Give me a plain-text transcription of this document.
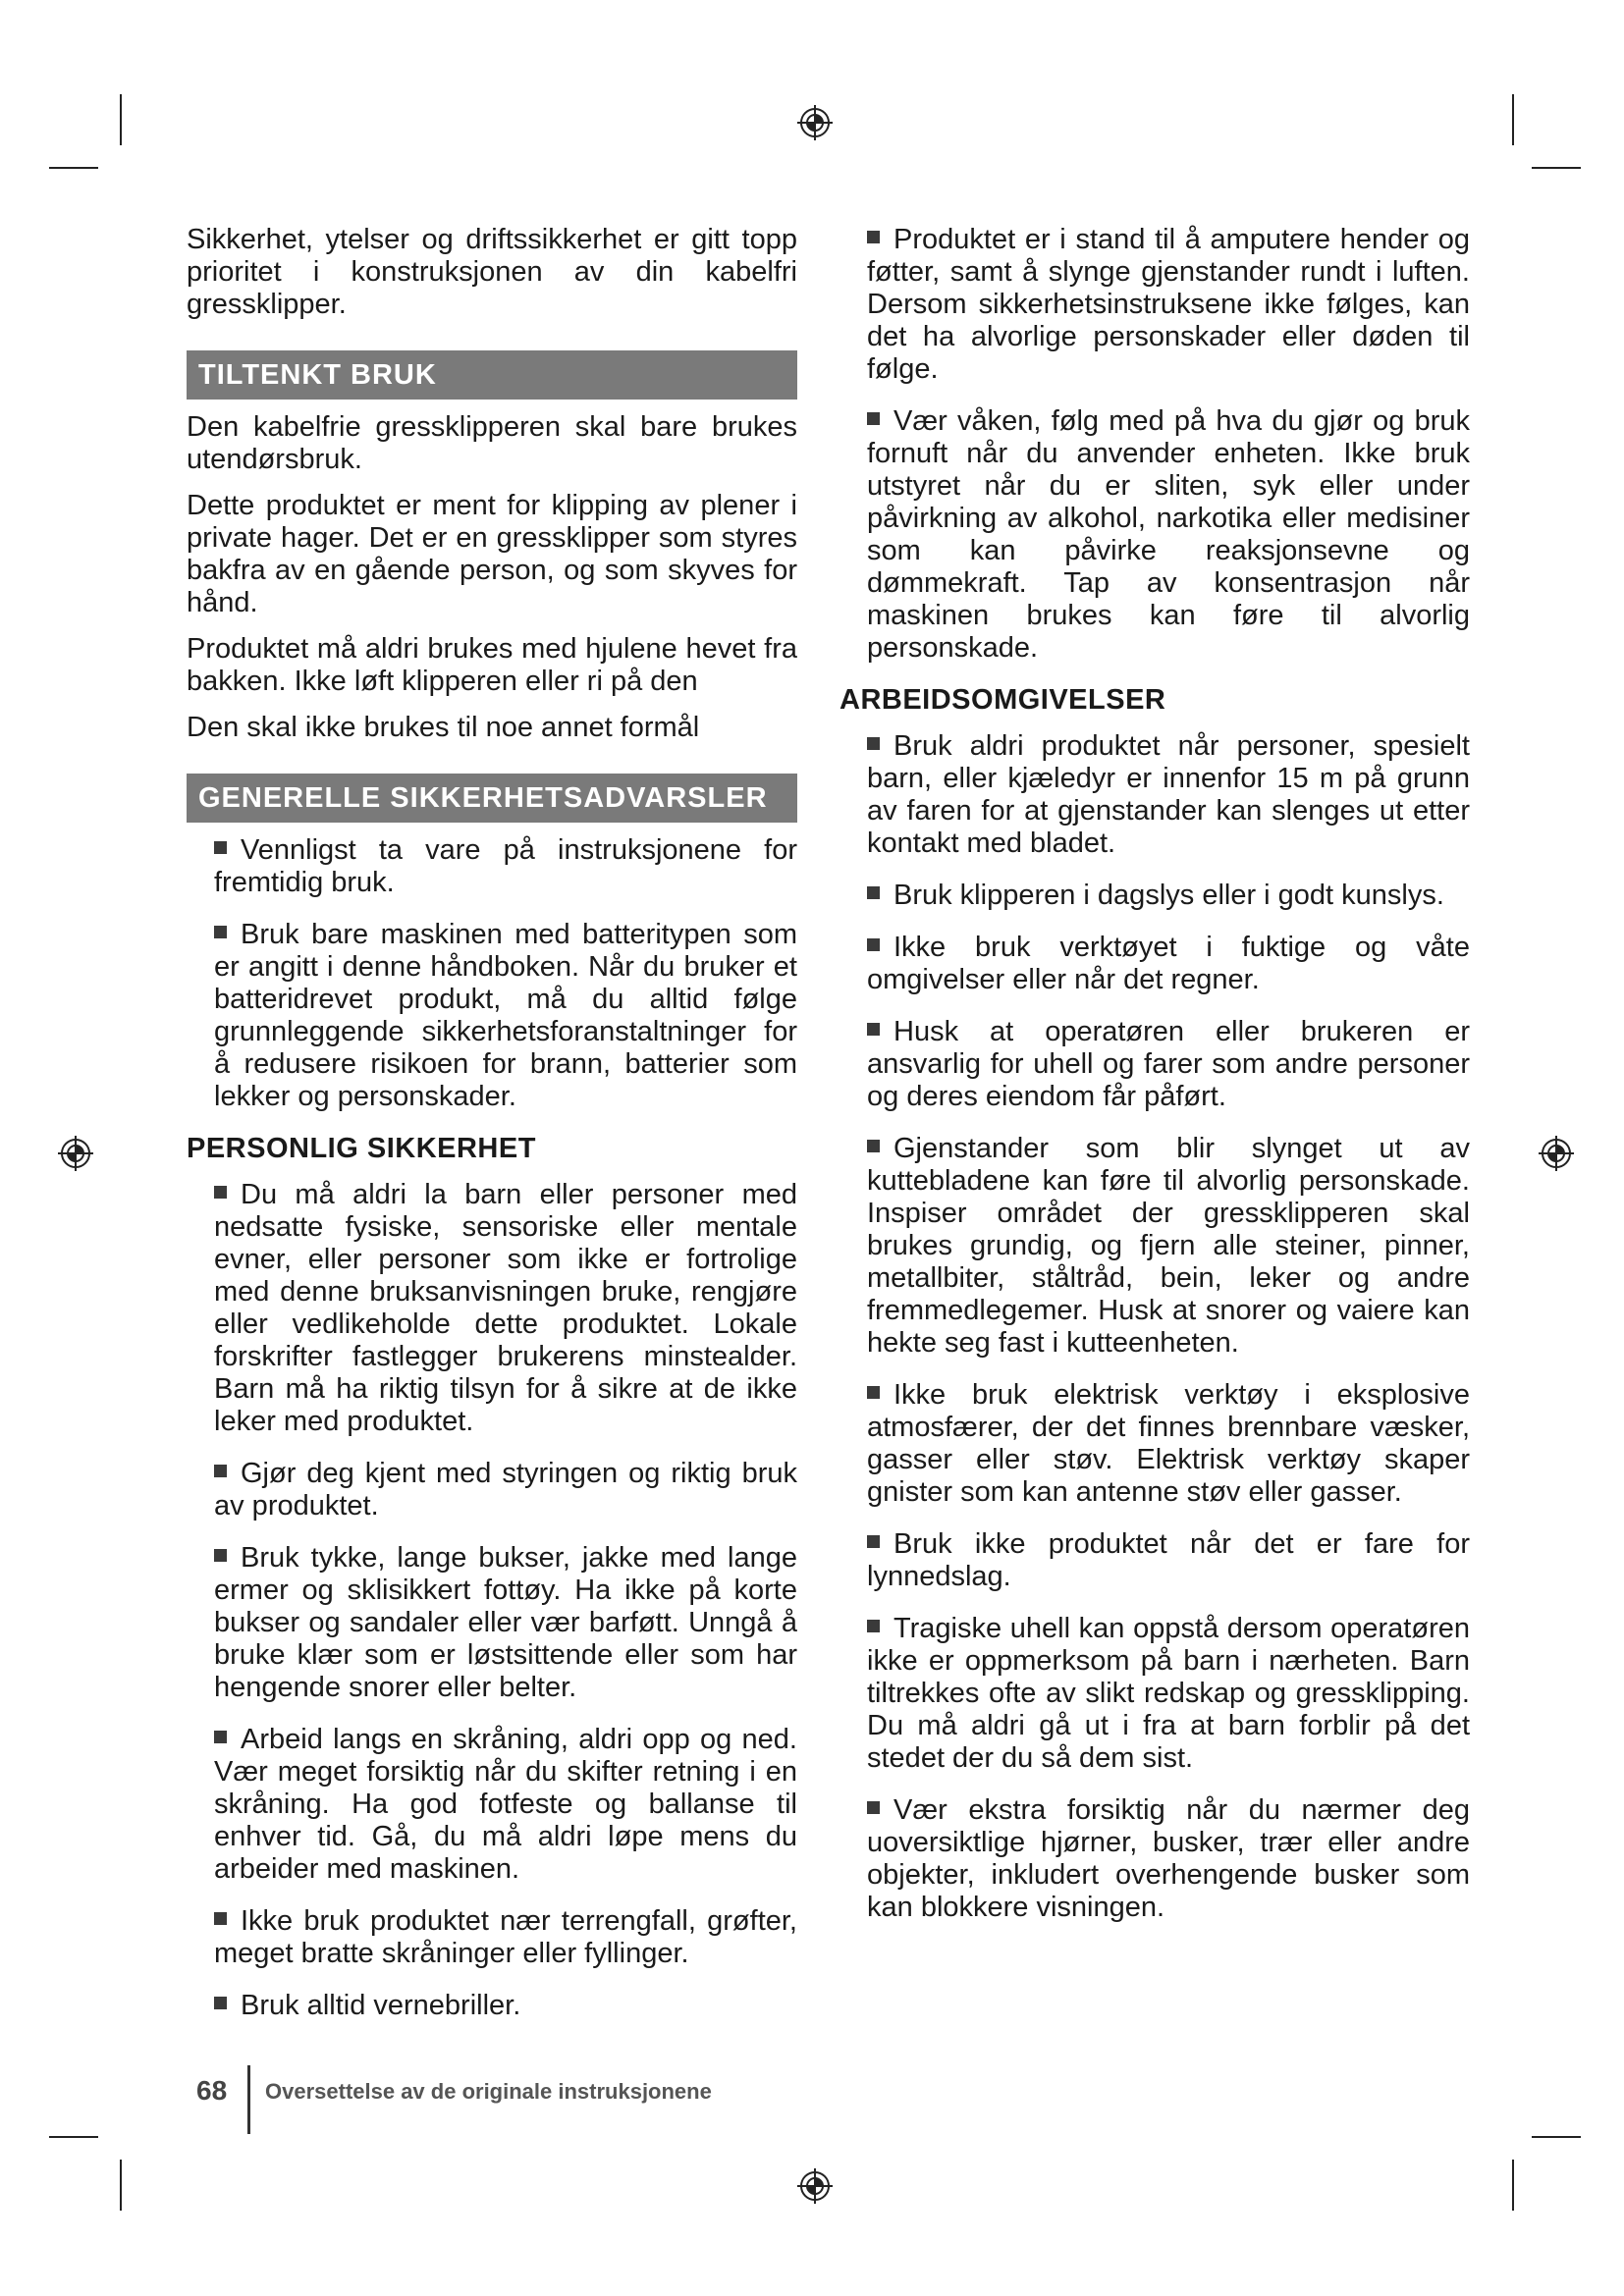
Sikkerhet, ytelser og driftssikkerhet er gitt topp prioritet i konstruksjonen av din kabelfri gressklipper.

TILTENKT BRUK

Den kabelfrie gressklipperen skal bare brukes utendørsbruk.

Dette produktet er ment for klipping av plener i private hager. Det er en gressklipper som styres bakfra av en gående person, og som skyves for hånd.

Produktet må aldri brukes med hjulene hevet fra bakken. Ikke løft klipperen eller ri på den

Den skal ikke brukes til noe annet formål

GENERELLE SIKKERHETSADVARSLER
Vennligst ta vare på instruksjonene for fremtidig bruk.
Bruk bare maskinen med batteritypen som er angitt i denne håndboken. Når du bruker et batteridrevet produkt, må du alltid følge grunnleggende sikkerhetsforanstaltninger for å redusere risikoen for brann, batterier som lekker og personskader.
PERSONLIG SIKKERHET
Du må aldri la barn eller personer med nedsatte fysiske, sensoriske eller mentale evner, eller personer som ikke er fortrolige med denne bruksanvisningen bruke, rengjøre eller vedlikeholde dette produktet. Lokale forskrifter fastlegger brukerens minstealder. Barn må ha riktig tilsyn for å sikre at de ikke leker med produktet.
Gjør deg kjent med styringen og riktig bruk av produktet.
Bruk tykke, lange bukser, jakke med lange ermer og sklisikkert fottøy. Ha ikke på korte bukser og sandaler eller vær barføtt. Unngå å bruke klær som er løstsittende eller som har hengende snorer eller belter.
Arbeid langs en skråning, aldri opp og ned. Vær meget forsiktig når du skifter retning i en skråning. Ha god fotfeste og ballanse til enhver tid. Gå, du må aldri løpe mens du arbeider med maskinen.
Ikke bruk produktet nær terrengfall, grøfter, meget bratte skråninger eller fyllinger.
Bruk alltid vernebriller.
Produktet er i stand til å amputere hender og føtter, samt å slynge gjenstander rundt i luften. Dersom sikkerhetsinstruksene ikke følges, kan det ha alvorlige personskader eller døden til følge.
Vær våken, følg med på hva du gjør og bruk fornuft når du anvender enheten. Ikke bruk utstyret når du er sliten, syk eller under påvirkning av alkohol, narkotika eller medisiner som kan påvirke reaksjonsevne og dømmekraft. Tap av konsentrasjon når maskinen brukes kan føre til alvorlig personskade.
ARBEIDSOMGIVELSER
Bruk aldri produktet når personer, spesielt barn, eller kjæledyr er innenfor 15 m på grunn av faren for at gjenstander kan slenges ut etter kontakt med bladet.
Bruk klipperen i dagslys eller i godt kunslys.
Ikke bruk verktøyet i fuktige og våte omgivelser eller når det regner.
Husk at operatøren eller brukeren er ansvarlig for uhell og farer som andre personer og deres eiendom får påført.
Gjenstander som blir slynget ut av kuttebladene kan føre til alvorlig personskade. Inspiser området der gressklipperen skal brukes grundig, og fjern alle steiner, pinner, metallbiter, ståltråd, bein, leker og andre fremmedlegemer. Husk at snorer og vaiere kan hekte seg fast i kutteenheten.
Ikke bruk elektrisk verktøy i eksplosive atmosfærer, der det finnes brennbare væsker, gasser eller støv. Elektrisk verktøy skaper gnister som kan antenne støv eller gasser.
Bruk ikke produktet når det er fare for lynnedslag.
Tragiske uhell kan oppstå dersom operatøren ikke er oppmerksom på barn i nærheten. Barn tiltrekkes ofte av slikt redskap og gressklipping. Du må aldri gå ut i fra at barn forblir på det stedet der du så dem sist.
Vær ekstra forsiktig når du nærmer deg uoversiktlige hjørner, busker, trær eller andre objekter, inkludert overhengende busker som kan blokkere visningen.
68 Oversettelse av de originale instruksjonene
